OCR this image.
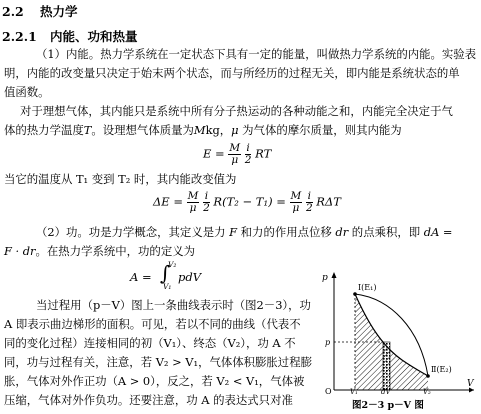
2.2 热力学
2.2.1 内能、功和热量
（1）内能。热力学系统在一定状态下具有一定的能量，叫做热力学系统的内能。实验表
明，内能的改变量只决定于始末两个状态，而与所经历的过程无关，即内能是系统状态的单
值函数。
对于理想气体，其内能只是系统中所有分子热运动的各种动能之和，内能完全决定于气
体的热力学温度T。设理想气体质量为Mkg，μ 为气体的摩尔质量，则其内能为
$E = \frac{M}{\mu}$
$\frac{i}{2}$ RT
当它的温度从 T₁ 变到 T₂ 时，其内能改变值为
$\Delta E = \frac{M}{\mu}$
$\frac{i}{2} R(T_2 - T_1) = \frac{M}{\mu}$
$\frac{i}{2}$ RΔT
（2）功。功是力学概念，其定义是力 F 和力的作用点位移 dr 的点乘积，即 dA =
F · dr。在热力学系统中，功的定义为
A = ∫
V₂
V₁
pdV
当过程用（p－V）图上一条曲线表示时（图2－3），功
A 即表示曲边梯形的面积。可见，若以不同的曲线（代表不
同的变化过程）连接相同的初（V₁）、终态（V₂），功 A 不
同，功与过程有关，注意，若 V₂ > V₁，气体体积膨胀过程膨
胀，气体对外作正功（A > 0），反之，若 V₂ < V₁，气体被
压缩，气体对外作负功。还要注意，功 A 的表达式只对准
p
V
O
Ⅰ(E₁)
Ⅱ(E₂)
p
V₁	dV	V₂
图2－3 p－V 图
